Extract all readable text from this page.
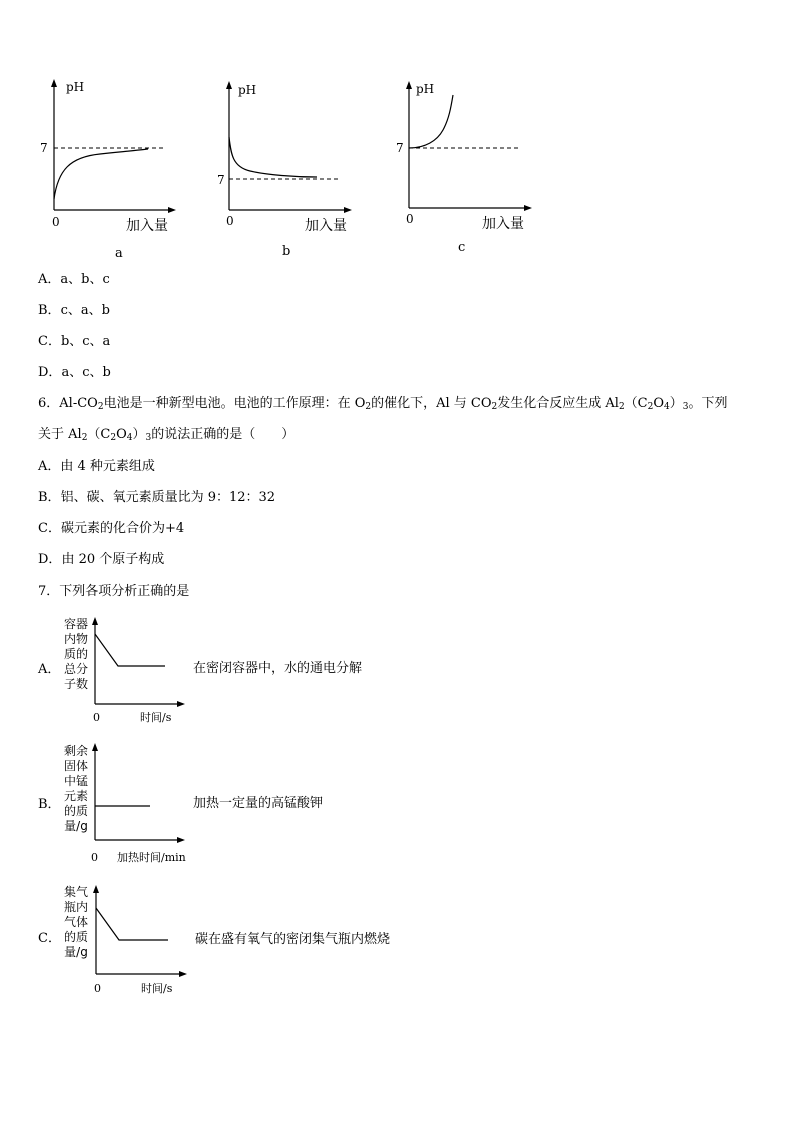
pH
7
0	加入量
a
pH
7
0	加入量
b
pH
7
0	加入量
c
A．a、b、c
B．c、a、b
C．b、c、a
D．a、c、b
6．$Al-CO_2$电池是一种新型电池。电池的工作原理：在 $O_2$的催化下，Al 与 $CO_2$发生化合反应生成 $Al_2(C_2O_4)_3$。下列
关于 $Al_2(C_2O_4)_3$的说法正确的是（　　）
A．由 4 种元素组成
B．铝、碳、氧元素质量比为 9：12：32
C．碳元素的化合价为+4
D．由 20 个原子构成
7．下列各项分析正确的是
A．
容器
内物
质的
总分
子数
0	时间/s
在密闭容器中，水的通电分解
B．
剩余
固体
中锰
元素
的质
量/g
0 加热时间/min
加热一定量的高锰酸钾
C．
集气
瓶内
气体
的质
量/g
0	时间/s
碳在盛有氧气的密闭集气瓶内燃烧
